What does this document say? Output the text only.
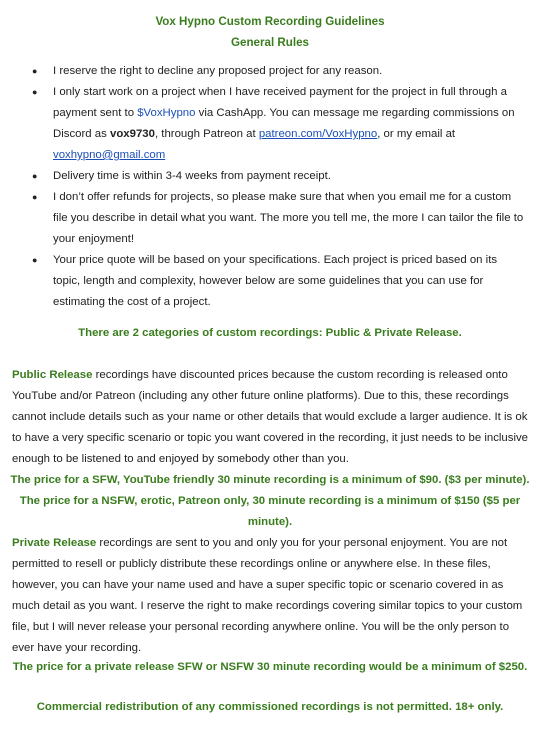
Vox Hypno Custom Recording Guidelines
General Rules
● I reserve the right to decline any proposed project for any reason.
● I only start work on a project when I have received payment for the project in full through a payment sent to $VoxHypno via CashApp. You can message me regarding commissions on Discord as vox9730, through Patreon at patreon.com/VoxHypno, or my email at
voxhypno@gmail.com
● Delivery time is within 3-4 weeks from payment receipt.
● I don’t offer refunds for projects, so please make sure that when you email me for a custom file you describe in detail what you want. The more you tell me, the more I can tailor the file to your enjoyment!
● Your price quote will be based on your specifications. Each project is priced based on its topic, length and complexity, however below are some guidelines that you can use for estimating the cost of a project.
There are 2 categories of custom recordings: Public & Private Release.

Public Release recordings have discounted prices because the custom recording is released onto YouTube and/or Patreon (including any other future online platforms). Due to this, these recordings cannot include details such as your name or other details that would exclude a larger audience. It is ok to have a very specific scenario or topic you want covered in the recording, it just needs to be inclusive enough to be listened to and enjoyed by somebody other than you.

The price for a SFW, YouTube friendly 30 minute recording is a minimum of $90. ($3 per minute).
The price for a NSFW, erotic, Patreon only, 30 minute recording is a minimum of $150 ($5 per minute).

Private Release recordings are sent to you and only you for your personal enjoyment. You are not permitted to resell or publicly distribute these recordings online or anywhere else. In these files, however, you can have your name used and have a super specific topic or scenario covered in as much detail as you want. I reserve the right to make recordings covering similar topics to your custom file, but I will never release your personal recording anywhere online. You will be the only person to ever have your recording.

The price for a private release SFW or NSFW 30 minute recording would be a minimum of $250.
Commercial redistribution of any commissioned recordings is not permitted. 18+ only.
